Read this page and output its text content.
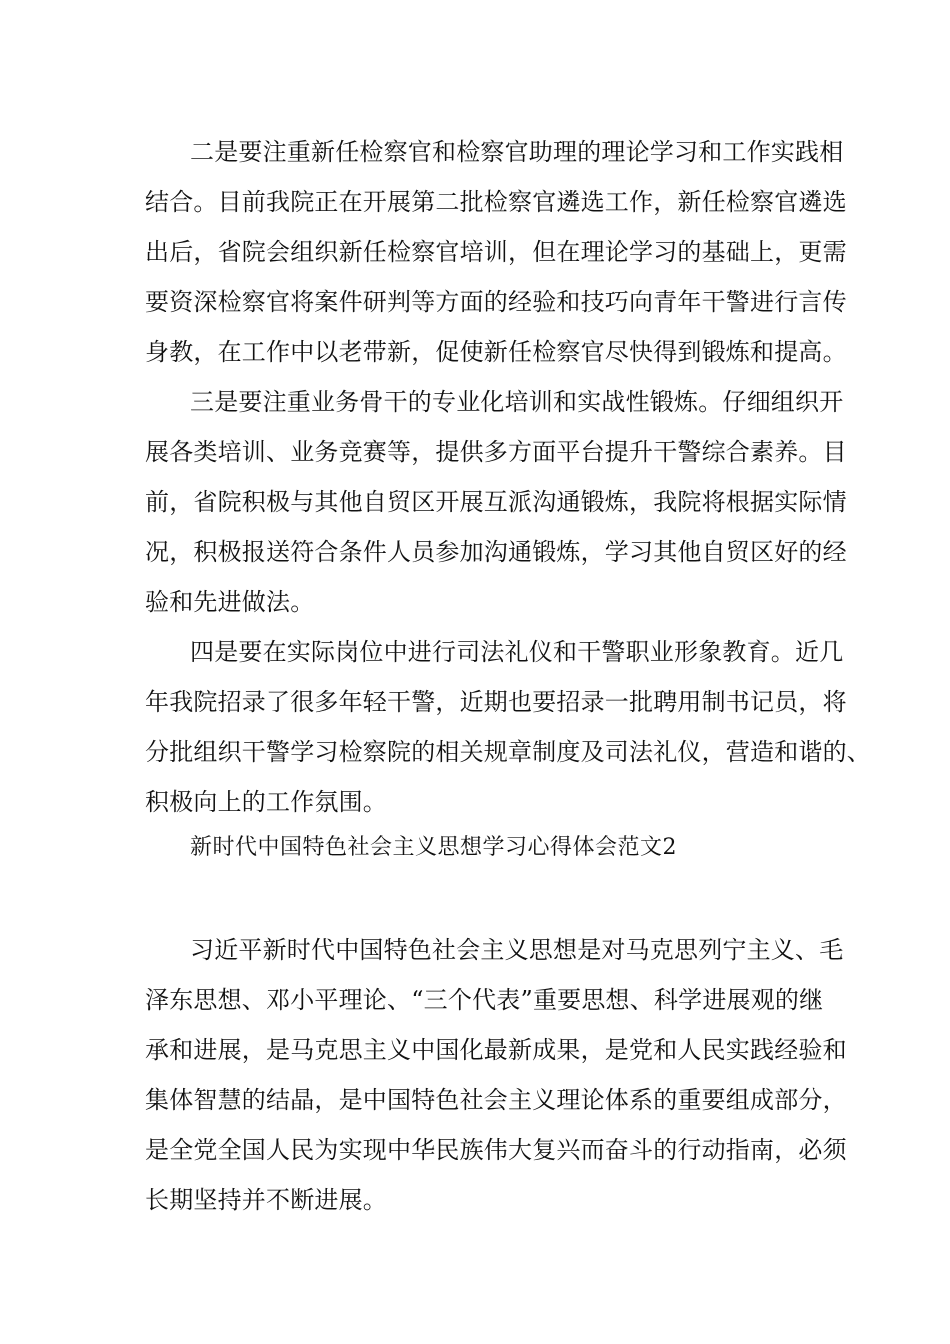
二是要注重新任检察官和检察官助理的理论学习和工作实践相
结合。目前我院正在开展第二批检察官遴选工作，新任检察官遴选
出后，省院会组织新任检察官培训，但在理论学习的基础上，更需
要资深检察官将案件研判等方面的经验和技巧向青年干警进行言传
身教，在工作中以老带新，促使新任检察官尽快得到锻炼和提高。
三是要注重业务骨干的专业化培训和实战性锻炼。仔细组织开
展各类培训、业务竞赛等，提供多方面平台提升干警综合素养。目
前，省院积极与其他自贸区开展互派沟通锻炼，我院将根据实际情
况，积极报送符合条件人员参加沟通锻炼，学习其他自贸区好的经
验和先进做法。
四是要在实际岗位中进行司法礼仪和干警职业形象教育。近几
年我院招录了很多年轻干警，近期也要招录一批聘用制书记员，将
分批组织干警学习检察院的相关规章制度及司法礼仪，营造和谐的、
积极向上的工作氛围。
新时代中国特色社会主义思想学习心得体会范文2
习近平新时代中国特色社会主义思想是对马克思列宁主义、毛
泽东思想、邓小平理论、“三个代表”重要思想、科学进展观的继
承和进展，是马克思主义中国化最新成果，是党和人民实践经验和
集体智慧的结晶，是中国特色社会主义理论体系的重要组成部分，
是全党全国人民为实现中华民族伟大复兴而奋斗的行动指南，必须
长期坚持并不断进展。
